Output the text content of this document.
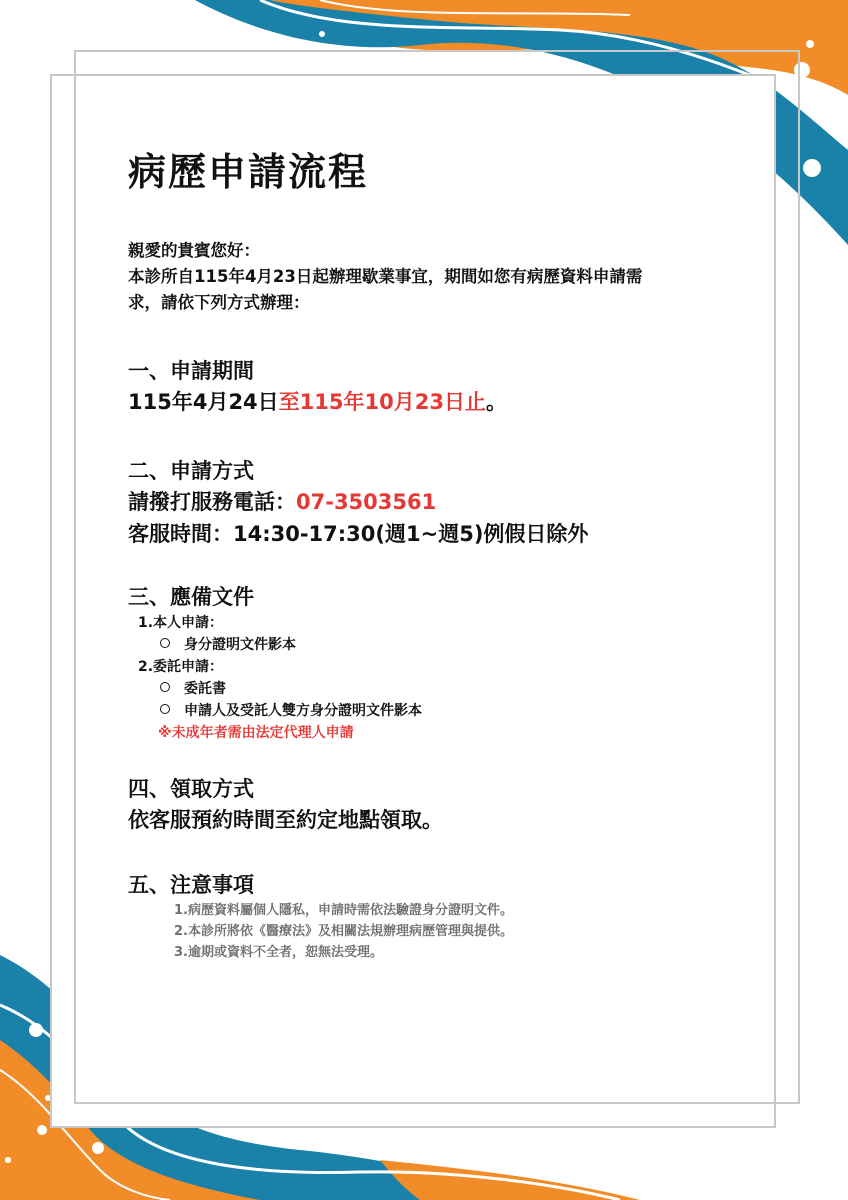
病歷申請流程
親愛的貴賓您好：
本診所自115年4月23日起辦理歇業事宜，期間如您有病歷資料申請需
求，請依下列方式辦理：
一、申請期間
115年4月24日至115年10月23日止。
二、申請方式
請撥打服務電話：07-3503561
客服時間：14:30-17:30(週1~週5)例假日除外
三、應備文件
1.本人申請：
身分證明文件影本
2.委託申請：
委託書
申請人及受託人雙方身分證明文件影本
※未成年者需由法定代理人申請
四、領取方式
依客服預約時間至約定地點領取。
五、注意事項
1.病歷資料屬個人隱私，申請時需依法驗證身分證明文件。
2.本診所將依《醫療法》及相關法規辦理病歷管理與提供。
3.逾期或資料不全者，恕無法受理。
